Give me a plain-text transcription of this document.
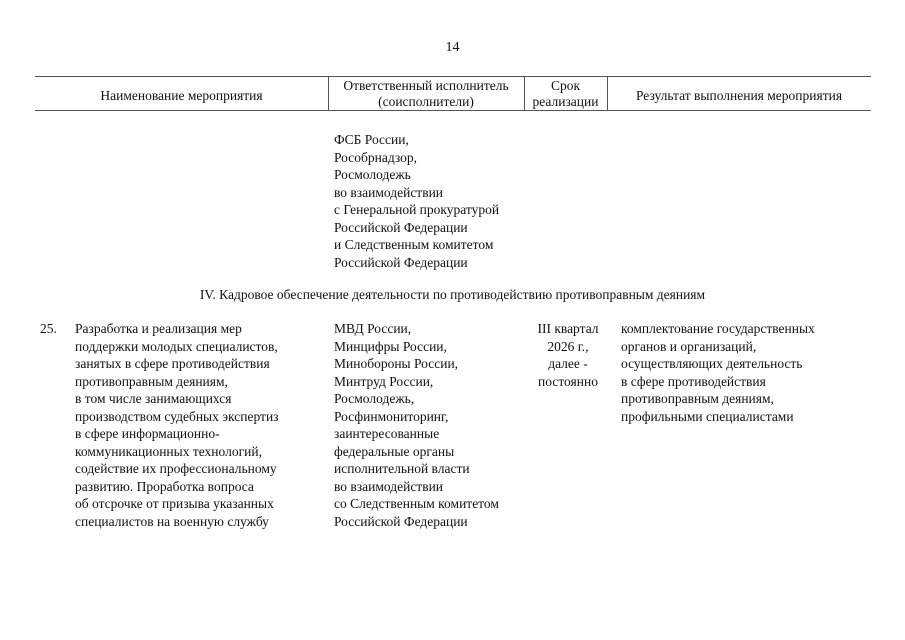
14
Наименование мероприятия
Ответственный исполнитель
(соисполнители)
Срок
реализации	Результат выполнения мероприятия
ФСБ России,
Рособрнадзор,
Росмолодежь
во взаимодействии
с Генеральной прокуратурой
Российской Федерации
и Следственным комитетом
Российской Федерации
IV. Кадровое обеспечение деятельности по противодействию противоправным деяниям
25. Разработка и реализация мер
поддержки молодых специалистов,
занятых в сфере противодействия
противоправным деяниям,
в том числе занимающихся
производством судебных экспертиз
в сфере информационно-
коммуникационных технологий,
содействие их профессиональному
развитию. Проработка вопроса
об отсрочке от призыва указанных
специалистов на военную службу
МВД России,
Минцифры России,
Минобороны России,
Минтруд России,
Росмолодежь,
Росфинмониторинг,
заинтересованные
федеральные органы
исполнительной власти
во взаимодействии
со Следственным комитетом
Российской Федерации
III квартал
2026 г.,
далее -
постоянно
комплектование государственных
органов и организаций,
осуществляющих деятельность
в сфере противодействия
противоправным деяниям,
профильными специалистами
